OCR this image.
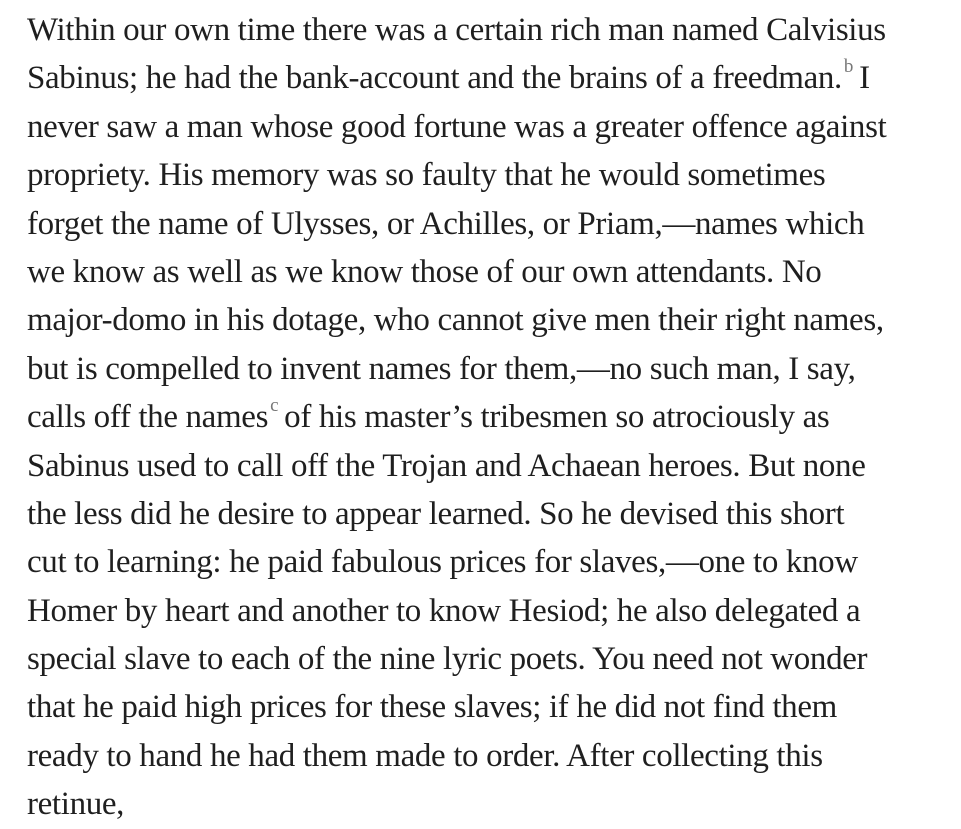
Within our own time there was a certain rich man named Calvisius
Sabinus; he had the bank-account and the brains of a freedman. $^b$ I
never saw a man whose good fortune was a greater offence against
propriety. His memory was so faulty that he would sometimes
forget the name of Ulysses, or Achilles, or Priam,—names which
we know as well as we know those of our own attendants. No
major-domo in his dotage, who cannot give men their right names,
but is compelled to invent names for them,—no such man, I say,
calls off the names $^c$ of his master’s tribesmen so atrociously as
Sabinus used to call off the Trojan and Achaean heroes. But none
the less did he desire to appear learned. So he devised this short
cut to learning: he paid fabulous prices for slaves,—one to know
Homer by heart and another to know Hesiod; he also delegated a
special slave to each of the nine lyric poets. You need not wonder
that he paid high prices for these slaves; if he did not find them
ready to hand he had them made to order. After collecting this
retinue,
